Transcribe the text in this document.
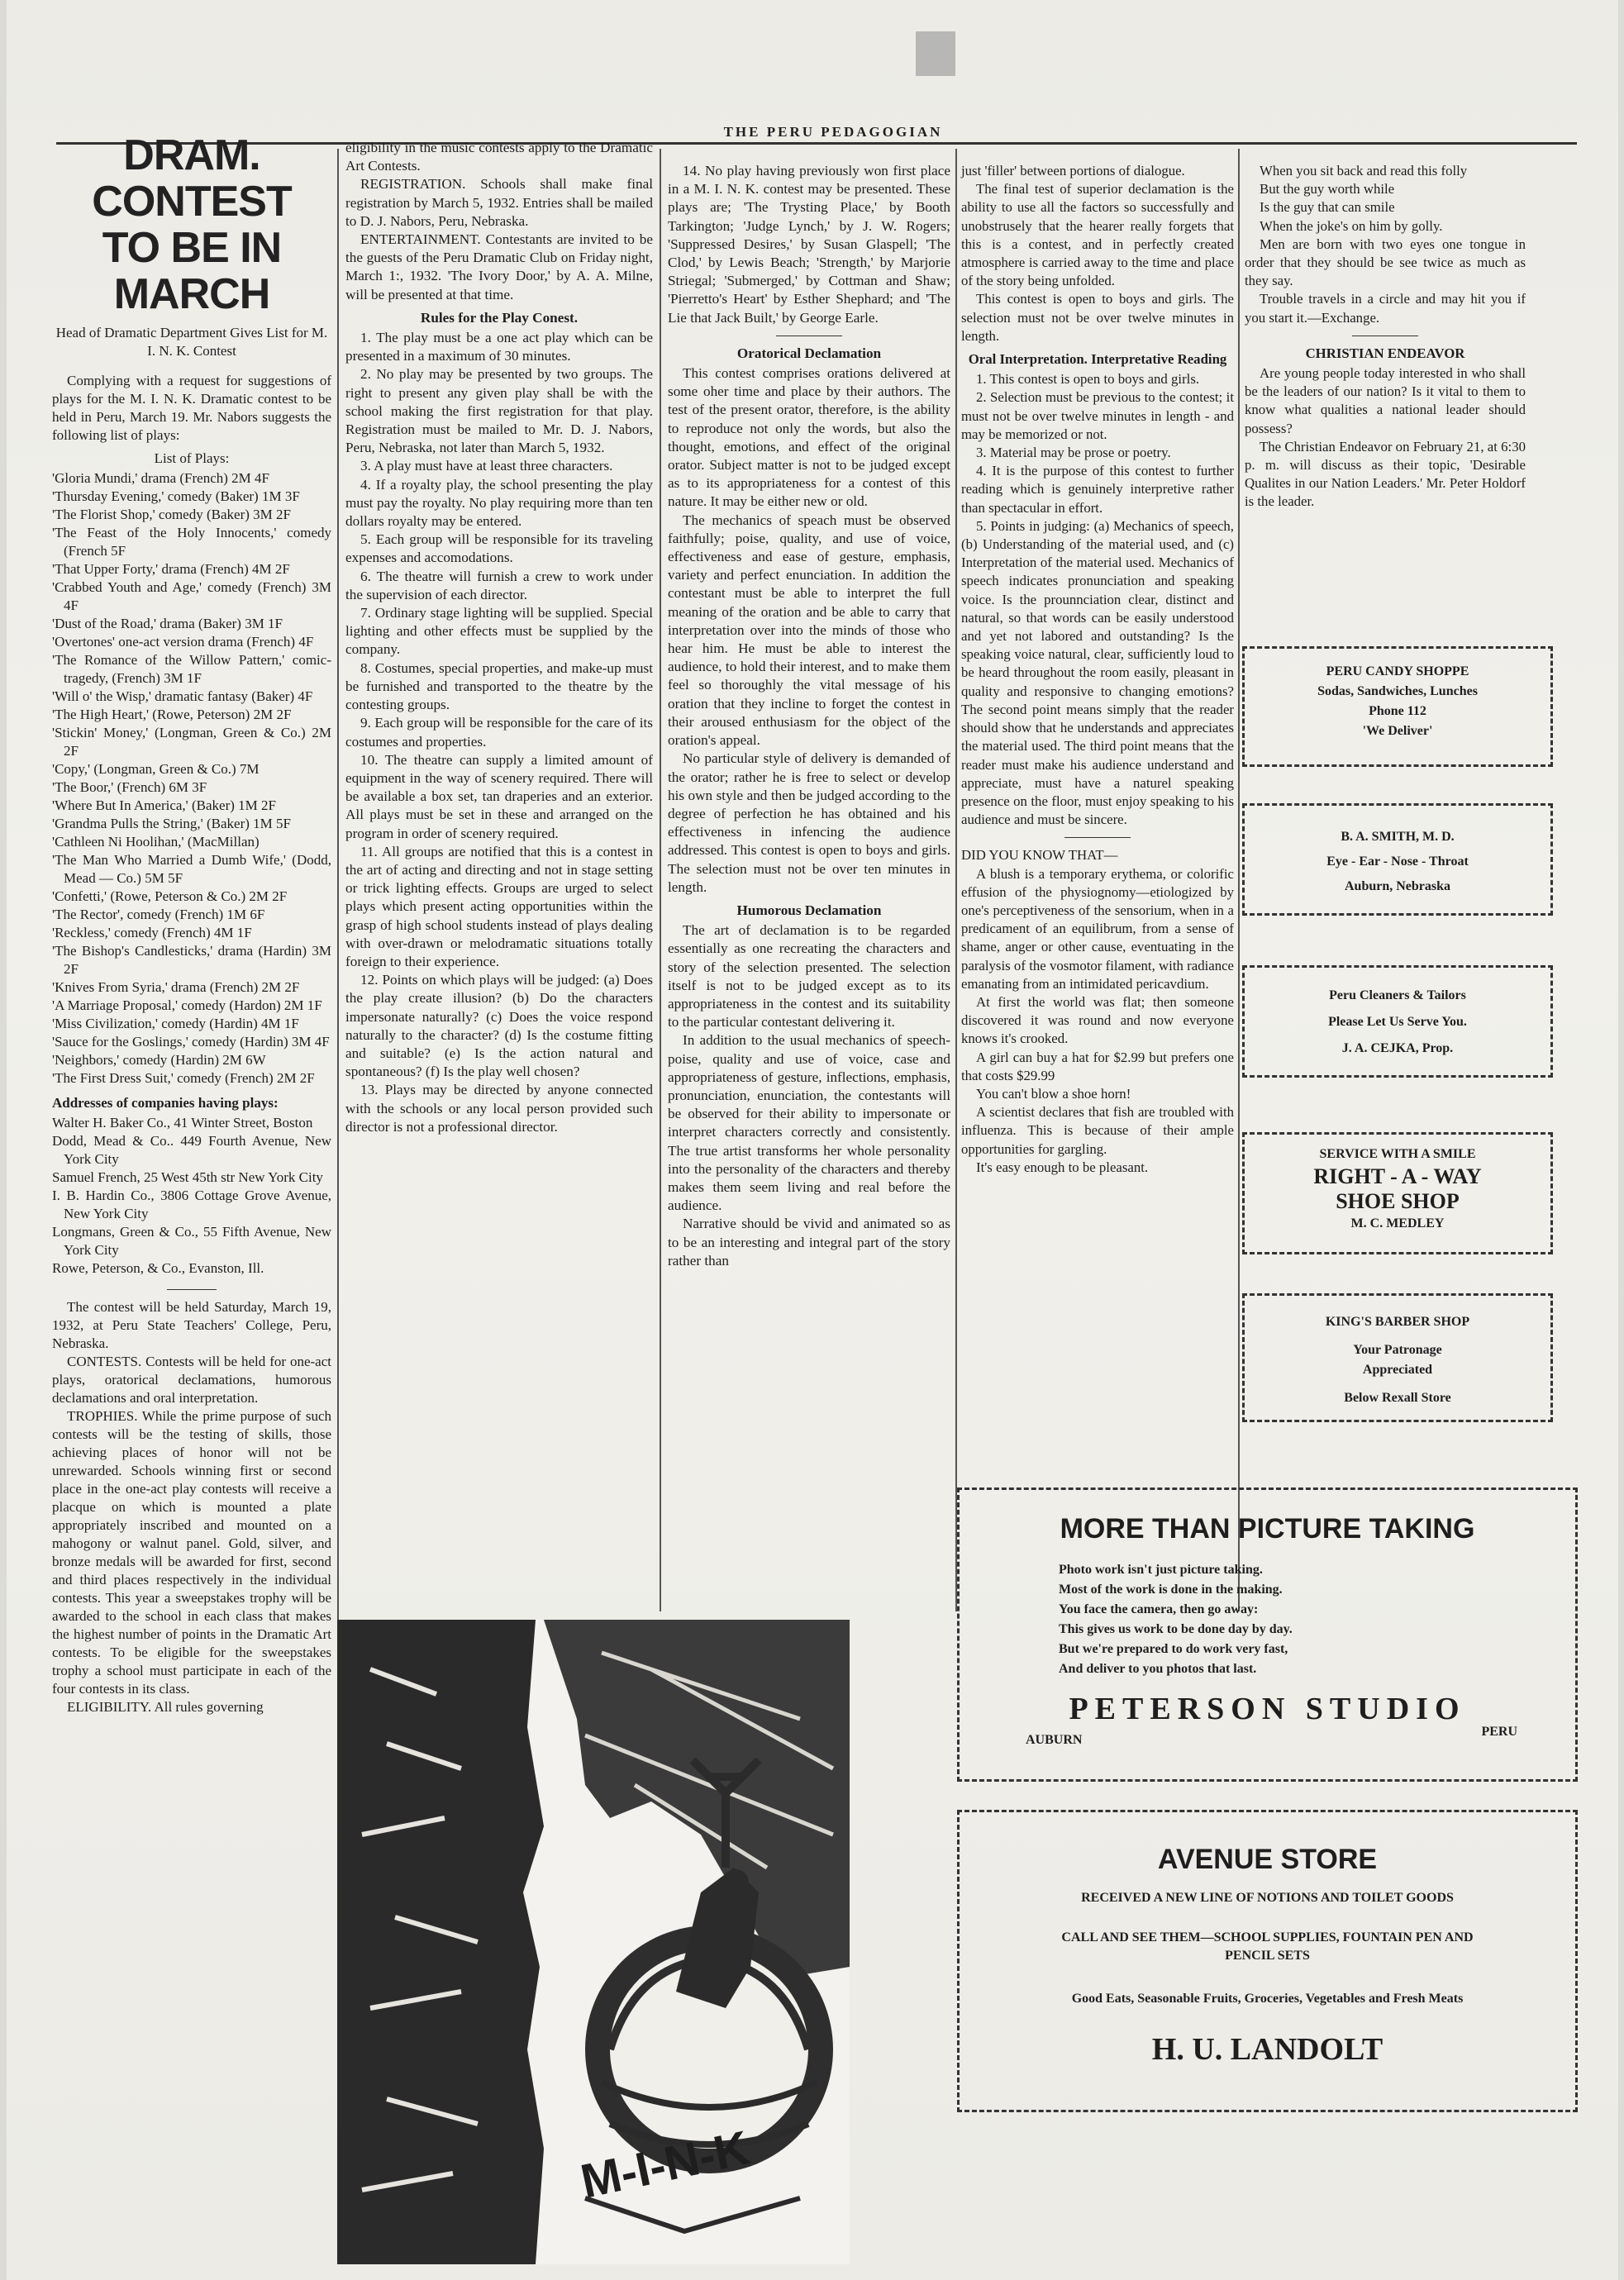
THE PERU PEDAGOGIAN
DRAM. CONTEST
TO BE IN MARCH
Head of Dramatic Department Gives List for M. I. N. K. Contest

Complying with a request for suggestions of plays for the M. I. N. K. Dramatic contest to be held in Peru, March 19. Mr. Nabors suggests the following list of plays:

List of Plays:

'Gloria Mundi,' drama (French) 2M 4F

'Thursday Evening,' comedy (Baker) 1M 3F

'The Florist Shop,' comedy (Baker) 3M 2F

'The Feast of the Holy Innocents,' comedy (French 5F

'That Upper Forty,' drama (French) 4M 2F

'Crabbed Youth and Age,' comedy (French) 3M 4F

'Dust of the Road,' drama (Baker) 3M 1F

'Overtones' one-act version drama (French) 4F

'The Romance of the Willow Pattern,' comic-tragedy, (French) 3M 1F

'Will o' the Wisp,' dramatic fantasy (Baker) 4F

'The High Heart,' (Rowe, Peterson) 2M 2F

'Stickin' Money,' (Longman, Green & Co.) 2M 2F

'Copy,' (Longman, Green & Co.) 7M

'The Boor,' (French) 6M 3F

'Where But In America,' (Baker) 1M 2F

'Grandma Pulls the String,' (Baker) 1M 5F

'Cathleen Ni Hoolihan,' (MacMillan)

'The Man Who Married a Dumb Wife,' (Dodd, Mead — Co.) 5M 5F

'Confetti,' (Rowe, Peterson & Co.) 2M 2F

'The Rector', comedy (French) 1M 6F

'Reckless,' comedy (French) 4M 1F

'The Bishop's Candlesticks,' drama (Hardin) 3M 2F

'Knives From Syria,' drama (French) 2M 2F

'A Marriage Proposal,' comedy (Hardon) 2M 1F

'Miss Civilization,' comedy (Hardin) 4M 1F

'Sauce for the Goslings,' comedy (Hardin) 3M 4F

'Neighbors,' comedy (Hardin) 2M 6W

'The First Dress Suit,' comedy (French) 2M 2F

Addresses of companies having plays:

Walter H. Baker Co., 41 Winter Street, Boston

Dodd, Mead & Co.. 449 Fourth Avenue, New York City

Samuel French, 25 West 45th str New York City

I. B. Hardin Co., 3806 Cottage Grove Avenue, New York City

Longmans, Green & Co., 55 Fifth Avenue, New York City

Rowe, Peterson, & Co., Evanston, Ill.

The contest will be held Saturday, March 19, 1932, at Peru State Teachers' College, Peru, Nebraska.

CONTESTS. Contests will be held for one-act plays, oratorical declamations, humorous declamations and oral interpretation.

TROPHIES. While the prime purpose of such contests will be the testing of skills, those achieving places of honor will not be unrewarded. Schools winning first or second place in the one-act play contests will receive a placque on which is mounted a plate appropriately inscribed and mounted on a mahogony or walnut panel. Gold, silver, and bronze medals will be awarded for first, second and third places respectively in the individual contests. This year a sweepstakes trophy will be awarded to the school in each class that makes the highest number of points in the Dramatic Art contests. To be eligible for the sweepstakes trophy a school must participate in each of the four contests in its class.

ELIGIBILITY. All rules governing

eligibility in the music contests apply to the Dramatic Art Contests.

REGISTRATION. Schools shall make final registration by March 5, 1932. Entries shall be mailed to D. J. Nabors, Peru, Nebraska.

ENTERTAINMENT. Contestants are invited to be the guests of the Peru Dramatic Club on Friday night, March 1:, 1932. 'The Ivory Door,' by A. A. Milne, will be presented at that time.

Rules for the Play Conest.

1. The play must be a one act play which can be presented in a maximum of 30 minutes.

2. No play may be presented by two groups. The right to present any given play shall be with the school making the first registration for that play. Registration must be mailed to Mr. D. J. Nabors, Peru, Nebraska, not later than March 5, 1932.

3. A play must have at least three characters.

4. If a royalty play, the school presenting the play must pay the royalty. No play requiring more than ten dollars royalty may be entered.

5. Each group will be responsible for its traveling expenses and accomodations.

6. The theatre will furnish a crew to work under the supervision of each director.

7. Ordinary stage lighting will be supplied. Special lighting and other effects must be supplied by the company.

8. Costumes, special properties, and make-up must be furnished and transported to the theatre by the contesting groups.

9. Each group will be responsible for the care of its costumes and properties.

10. The theatre can supply a limited amount of equipment in the way of scenery required. There will be available a box set, tan draperies and an exterior. All plays must be set in these and arranged on the program in order of scenery required.

11. All groups are notified that this is a contest in the art of acting and directing and not in stage setting or trick lighting effects. Groups are urged to select plays which present acting opportunities within the grasp of high school students instead of plays dealing with over-drawn or melodramatic situations totally foreign to their experience.

12. Points on which plays will be judged: (a) Does the play create illusion? (b) Do the characters impersonate naturally? (c) Does the voice respond naturally to the character? (d) Is the costume fitting and suitable? (e) Is the action natural and spontaneous? (f) Is the play well chosen?

13. Plays may be directed by anyone connected with the schools or any local person provided such director is not a professional director.

14. No play having previously won first place in a M. I. N. K. contest may be presented. These plays are; 'The Trysting Place,' by Booth Tarkington; 'Judge Lynch,' by J. W. Rogers; 'Suppressed Desires,' by Susan Glaspell; 'The Clod,' by Lewis Beach; 'Strength,' by Marjorie Striegal; 'Submerged,' by Cottman and Shaw; 'Pierretto's Heart' by Esther Shephard; and 'The Lie that Jack Built,' by George Earle.

Oratorical Declamation

This contest comprises orations delivered at some oher time and place by their authors. The test of the present orator, therefore, is the ability to reproduce not only the words, but also the thought, emotions, and effect of the original orator. Subject matter is not to be judged except as to its appropriateness for a contest of this nature. It may be either new or old.

The mechanics of speach must be observed faithfully; poise, quality, and use of voice, effectiveness and ease of gesture, emphasis, variety and perfect enunciation. In addition the contestant must be able to interpret the full meaning of the oration and be able to carry that interpretation over into the minds of those who hear him. He must be able to interest the audience, to hold their interest, and to make them feel so thoroughly the vital message of his oration that they incline to forget the contest in their aroused enthusiasm for the object of the oration's appeal.

No particular style of delivery is demanded of the orator; rather he is free to select or develop his own style and then be judged according to the degree of perfection he has obtained and his effectiveness in infencing the audience addressed. This contest is open to boys and girls. The selection must not be over ten minutes in length.

Humorous Declamation

The art of declamation is to be regarded essentially as one recreating the characters and story of the selection presented. The selection itself is not to be judged except as to its appropriateness in the contest and its suitability to the particular contestant delivering it.

In addition to the usual mechanics of speech-poise, quality and use of voice, case and appropriateness of gesture, inflections, emphasis, pronunciation, enunciation, the contestants will be observed for their ability to impersonate or interpret characters correctly and consistently. The true artist transforms her whole personality into the personality of the characters and thereby makes them seem living and real before the audience.

Narrative should be vivid and animated so as to be an interesting and integral part of the story rather than

just 'filler' between portions of dialogue.

The final test of superior declamation is the ability to use all the factors so successfully and unobstrusely that the hearer really forgets that this is a contest, and in perfectly created atmosphere is carried away to the time and place of the story being unfolded.

This contest is open to boys and girls. The selection must not be over twelve minutes in length.

Oral Interpretation. Interpretative Reading

1. This contest is open to boys and girls.

2. Selection must be previous to the contest; it must not be over twelve minutes in length - and may be memorized or not.

3. Material may be prose or poetry.

4. It is the purpose of this contest to further reading which is genuinely interpretive rather than spectacular in effort.

5. Points in judging: (a) Mechanics of speech, (b) Understanding of the material used, and (c) Interpretation of the material used. Mechanics of speech indicates pronunciation and speaking voice. Is the prounnciation clear, distinct and natural, so that words can be easily understood and yet not labored and outstanding? Is the speaking voice natural, clear, sufficiently loud to be heard throughout the room easily, pleasant in quality and responsive to changing emotions? The second point means simply that the reader should show that he understands and appreciates the material used. The third point means that the reader must make his audience understand and appreciate, must have a naturel speaking presence on the floor, must enjoy speaking to his audience and must be sincere.

DID YOU KNOW THAT—

A blush is a temporary erythema, or colorific effusion of the physiognomy—etiologized by one's perceptiveness of the sensorium, when in a predicament of an equilibrum, from a sense of shame, anger or other cause, eventuating in the paralysis of the vosmotor filament, with radiance emanating from an intimidated pericavdium.

At first the world was flat; then someone discovered it was round and now everyone knows it's crooked.

A girl can buy a hat for $2.99 but prefers one that costs $29.99

You can't blow a shoe horn!

A scientist declares that fish are troubled with influenza. This is because of their ample opportunities for gargling.

It's easy enough to be pleasant.

When you sit back and read this folly

But the guy worth while

Is the guy that can smile

When the joke's on him by golly.

Men are born with two eyes one tongue in order that they should be see twice as much as they say.

Trouble travels in a circle and may hit you if you start it.—Exchange.

CHRISTIAN ENDEAVOR

Are young people today interested in who shall be the leaders of our nation? Is it vital to them to know what qualities a national leader should possess?

The Christian Endeavor on February 21, at 6:30 p. m. will discuss as their topic, 'Desirable Qualites in our Nation Leaders.' Mr. Peter Holdorf is the leader.

PERU CANDY SHOPPE
Sodas, Sandwiches, Lunches
Phone 112
'We Deliver'
B. A. SMITH, M. D.
Eye - Ear - Nose - Throat
Auburn, Nebraska
Peru Cleaners & Tailors
Please Let Us Serve You.
J. A. CEJKA, Prop.
SERVICE WITH A SMILE
RIGHT - A - WAY
SHOE SHOP
M. C. MEDLEY
KING'S BARBER SHOP
Your Patronage
Appreciated
Below Rexall Store
MORE THAN PICTURE TAKING

Photo work isn't just picture taking.

Most of the work is done in the making.

You face the camera, then go away:

This gives us work to be done day by day.

But we're prepared to do work very fast,

And deliver to you photos that last.

PETERSON STUDIO
AUBURN
PERU
AVENUE STORE
RECEIVED A NEW LINE OF NOTIONS AND TOILET GOODS
CALL AND SEE THEM—SCHOOL SUPPLIES, FOUNTAIN PEN AND PENCIL SETS
Good Eats, Seasonable Fruits, Groceries, Vegetables and Fresh Meats
H. U. LANDOLT
M-I-N-K
